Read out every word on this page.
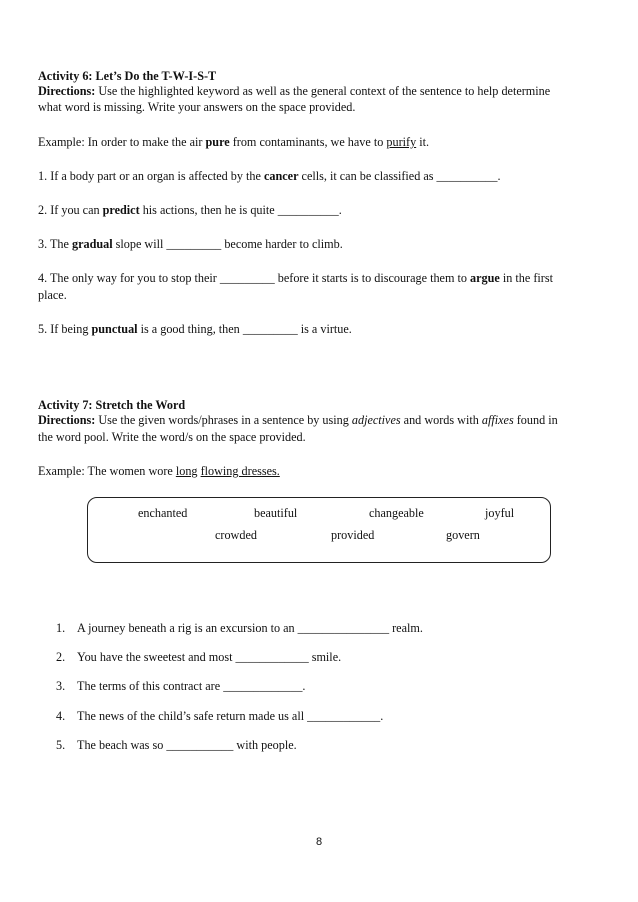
Activity 6: Let’s Do the T-W-I-S-T
Directions: Use the highlighted keyword as well as the general context of the sentence to help determine
what word is missing. Write your answers on the space provided.
Example: In order to make the air pure from contaminants, we have to purify it.
1. If a body part or an organ is affected by the cancer cells, it can be classified as __________.
2. If you can predict his actions, then he is quite __________.
3. The gradual slope will _________ become harder to climb.
4. The only way for you to stop their _________ before it starts is to discourage them to argue in the first
place.
5. If being punctual is a good thing, then _________ is a virtue.
Activity 7: Stretch the Word
Directions: Use the given words/phrases in a sentence by using adjectives and words with affixes found in
the word pool. Write the word/s on the space provided.
Example: The women wore long flowing dresses.
enchanted	beautiful	changeable	joyful
crowded	provided	govern
1. A journey beneath a rig is an excursion to an _______________ realm.
2. You have the sweetest and most ____________ smile.
3. The terms of this contract are _____________.
4. The news of the child’s safe return made us all ____________.
5. The beach was so ___________ with people.
8
